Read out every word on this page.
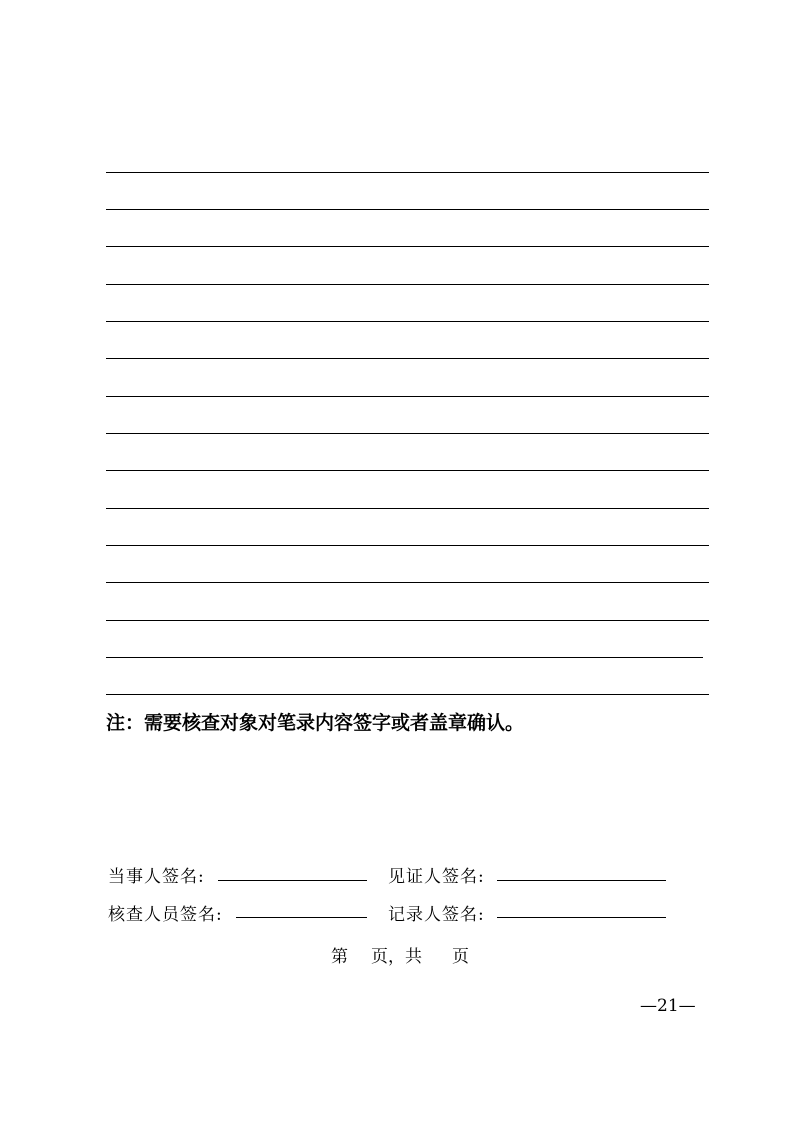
注：需要核查对象对笔录内容签字或者盖章确认。
当事人签名:	见证人签名:
核查人员签名:	记录人签名:
第 页，共 页
—21—
